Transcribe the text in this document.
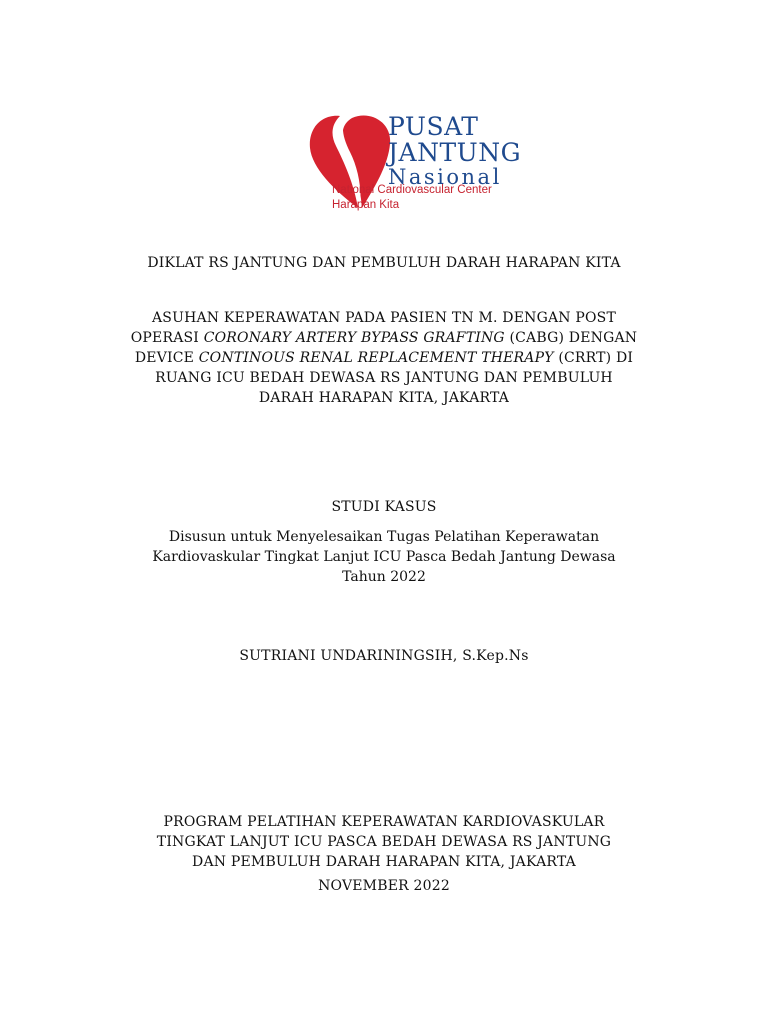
PUSAT
JANTUNG
Nasional
National Cardiovascular Center
Harapan Kita
DIKLAT RS JANTUNG DAN PEMBULUH DARAH HARAPAN KITA
ASUHAN KEPERAWATAN PADA PASIEN TN M. DENGAN POST OPERASI CORONARY ARTERY BYPASS GRAFTING (CABG) DENGAN DEVICE CONTINOUS RENAL REPLACEMENT THERAPY (CRRT) DI RUANG ICU BEDAH DEWASA RS JANTUNG DAN PEMBULUH DARAH HARAPAN KITA, JAKARTA
STUDI KASUS
Disusun untuk Menyelesaikan Tugas Pelatihan Keperawatan Kardiovaskular Tingkat Lanjut ICU Pasca Bedah Jantung Dewasa Tahun 2022
SUTRIANI UNDARININGSIH, S.Kep.Ns
PROGRAM PELATIHAN KEPERAWATAN KARDIOVASKULAR TINGKAT LANJUT ICU PASCA BEDAH DEWASA RS JANTUNG DAN PEMBULUH DARAH HARAPAN KITA, JAKARTA
NOVEMBER 2022
